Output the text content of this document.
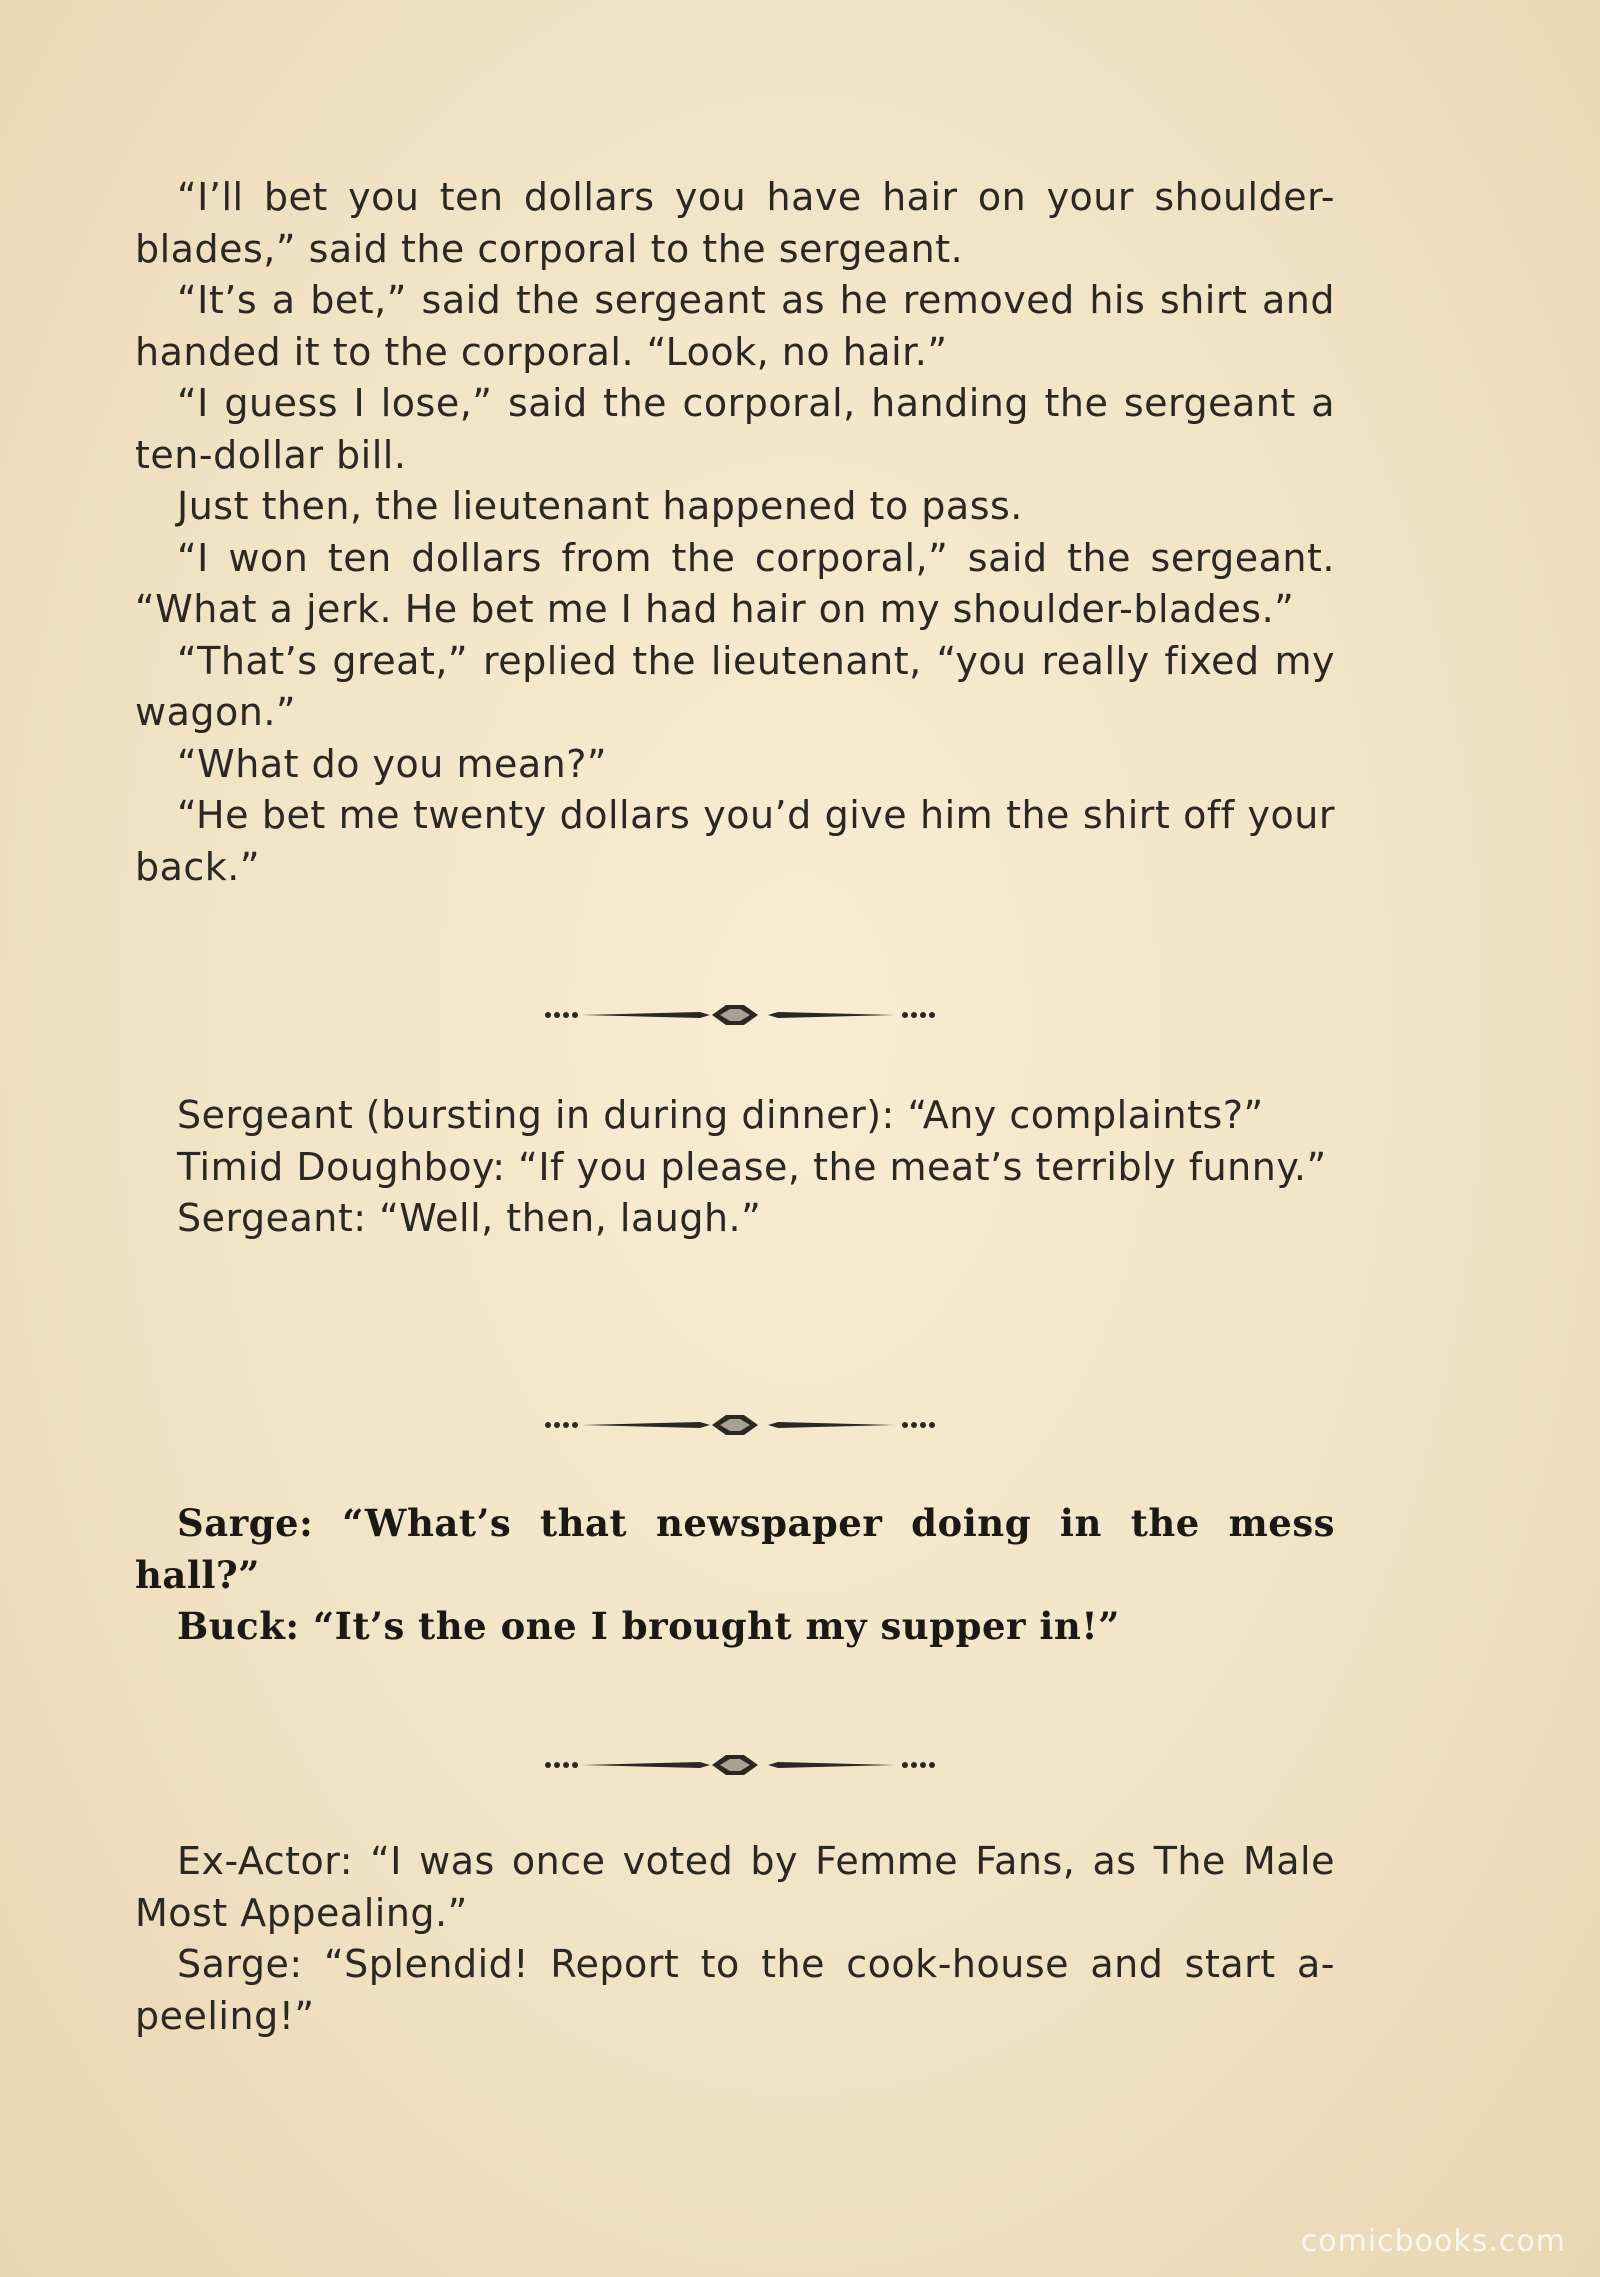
“I’ll bet you ten dollars you have hair on your shoulder-blades,” said the corporal to the sergeant.

“It’s a bet,” said the sergeant as he removed his shirt and handed it to the corporal. “Look, no hair.”

“I guess I lose,” said the corporal, handing the sergeant a ten-dollar bill.

Just then, the lieutenant happened to pass.

“I won ten dollars from the corporal,” said the sergeant. “What a jerk. He bet me I had hair on my shoulder-blades.”

“That’s great,” replied the lieutenant, “you really fixed my wagon.”

“What do you mean?”

“He bet me twenty dollars you’d give him the shirt off your back.”

Sergeant (bursting in during dinner): “Any complaints?”

Timid Doughboy: “If you please, the meat’s terribly funny.”

Sergeant: “Well, then, laugh.”

Sarge: “What’s that newspaper doing in the mess hall?”

Buck: “It’s the one I brought my supper in!”

Ex-Actor: “I was once voted by Femme Fans, as The Male Most Appealing.”

Sarge: “Splendid! Report to the cook-house and start a-peeling!”

comicbooks.com
